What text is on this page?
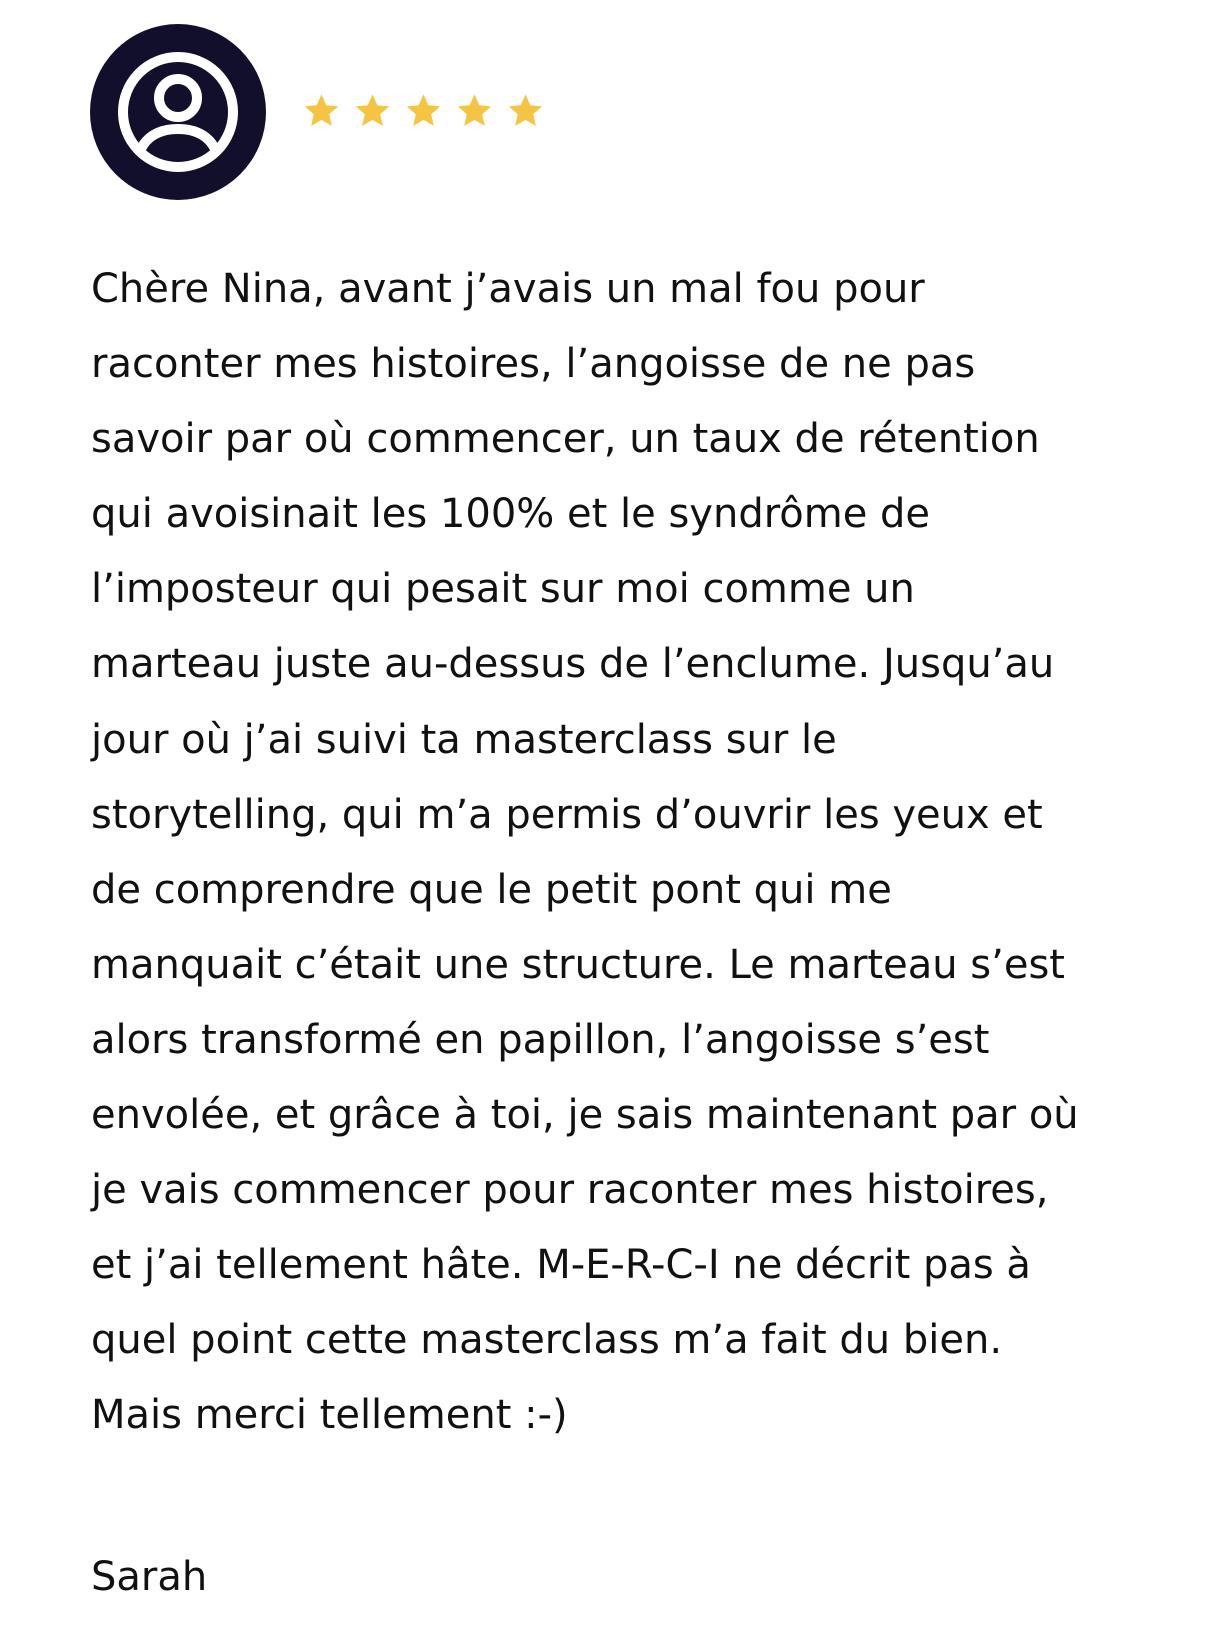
Chère Nina, avant j’avais un mal fou pour
raconter mes histoires, l’angoisse de ne pas
savoir par où commencer, un taux de rétention
qui avoisinait les 100% et le syndrôme de
l’imposteur qui pesait sur moi comme un
marteau juste au-dessus de l’enclume. Jusqu’au
jour où j’ai suivi ta masterclass sur le
storytelling, qui m’a permis d’ouvrir les yeux et
de comprendre que le petit pont qui me
manquait c’était une structure. Le marteau s’est
alors transformé en papillon, l’angoisse s’est
envolée, et grâce à toi, je sais maintenant par où
je vais commencer pour raconter mes histoires,
et j’ai tellement hâte. M-E-R-C-I ne décrit pas à
quel point cette masterclass m’a fait du bien.
Mais merci tellement :-)

Sarah
